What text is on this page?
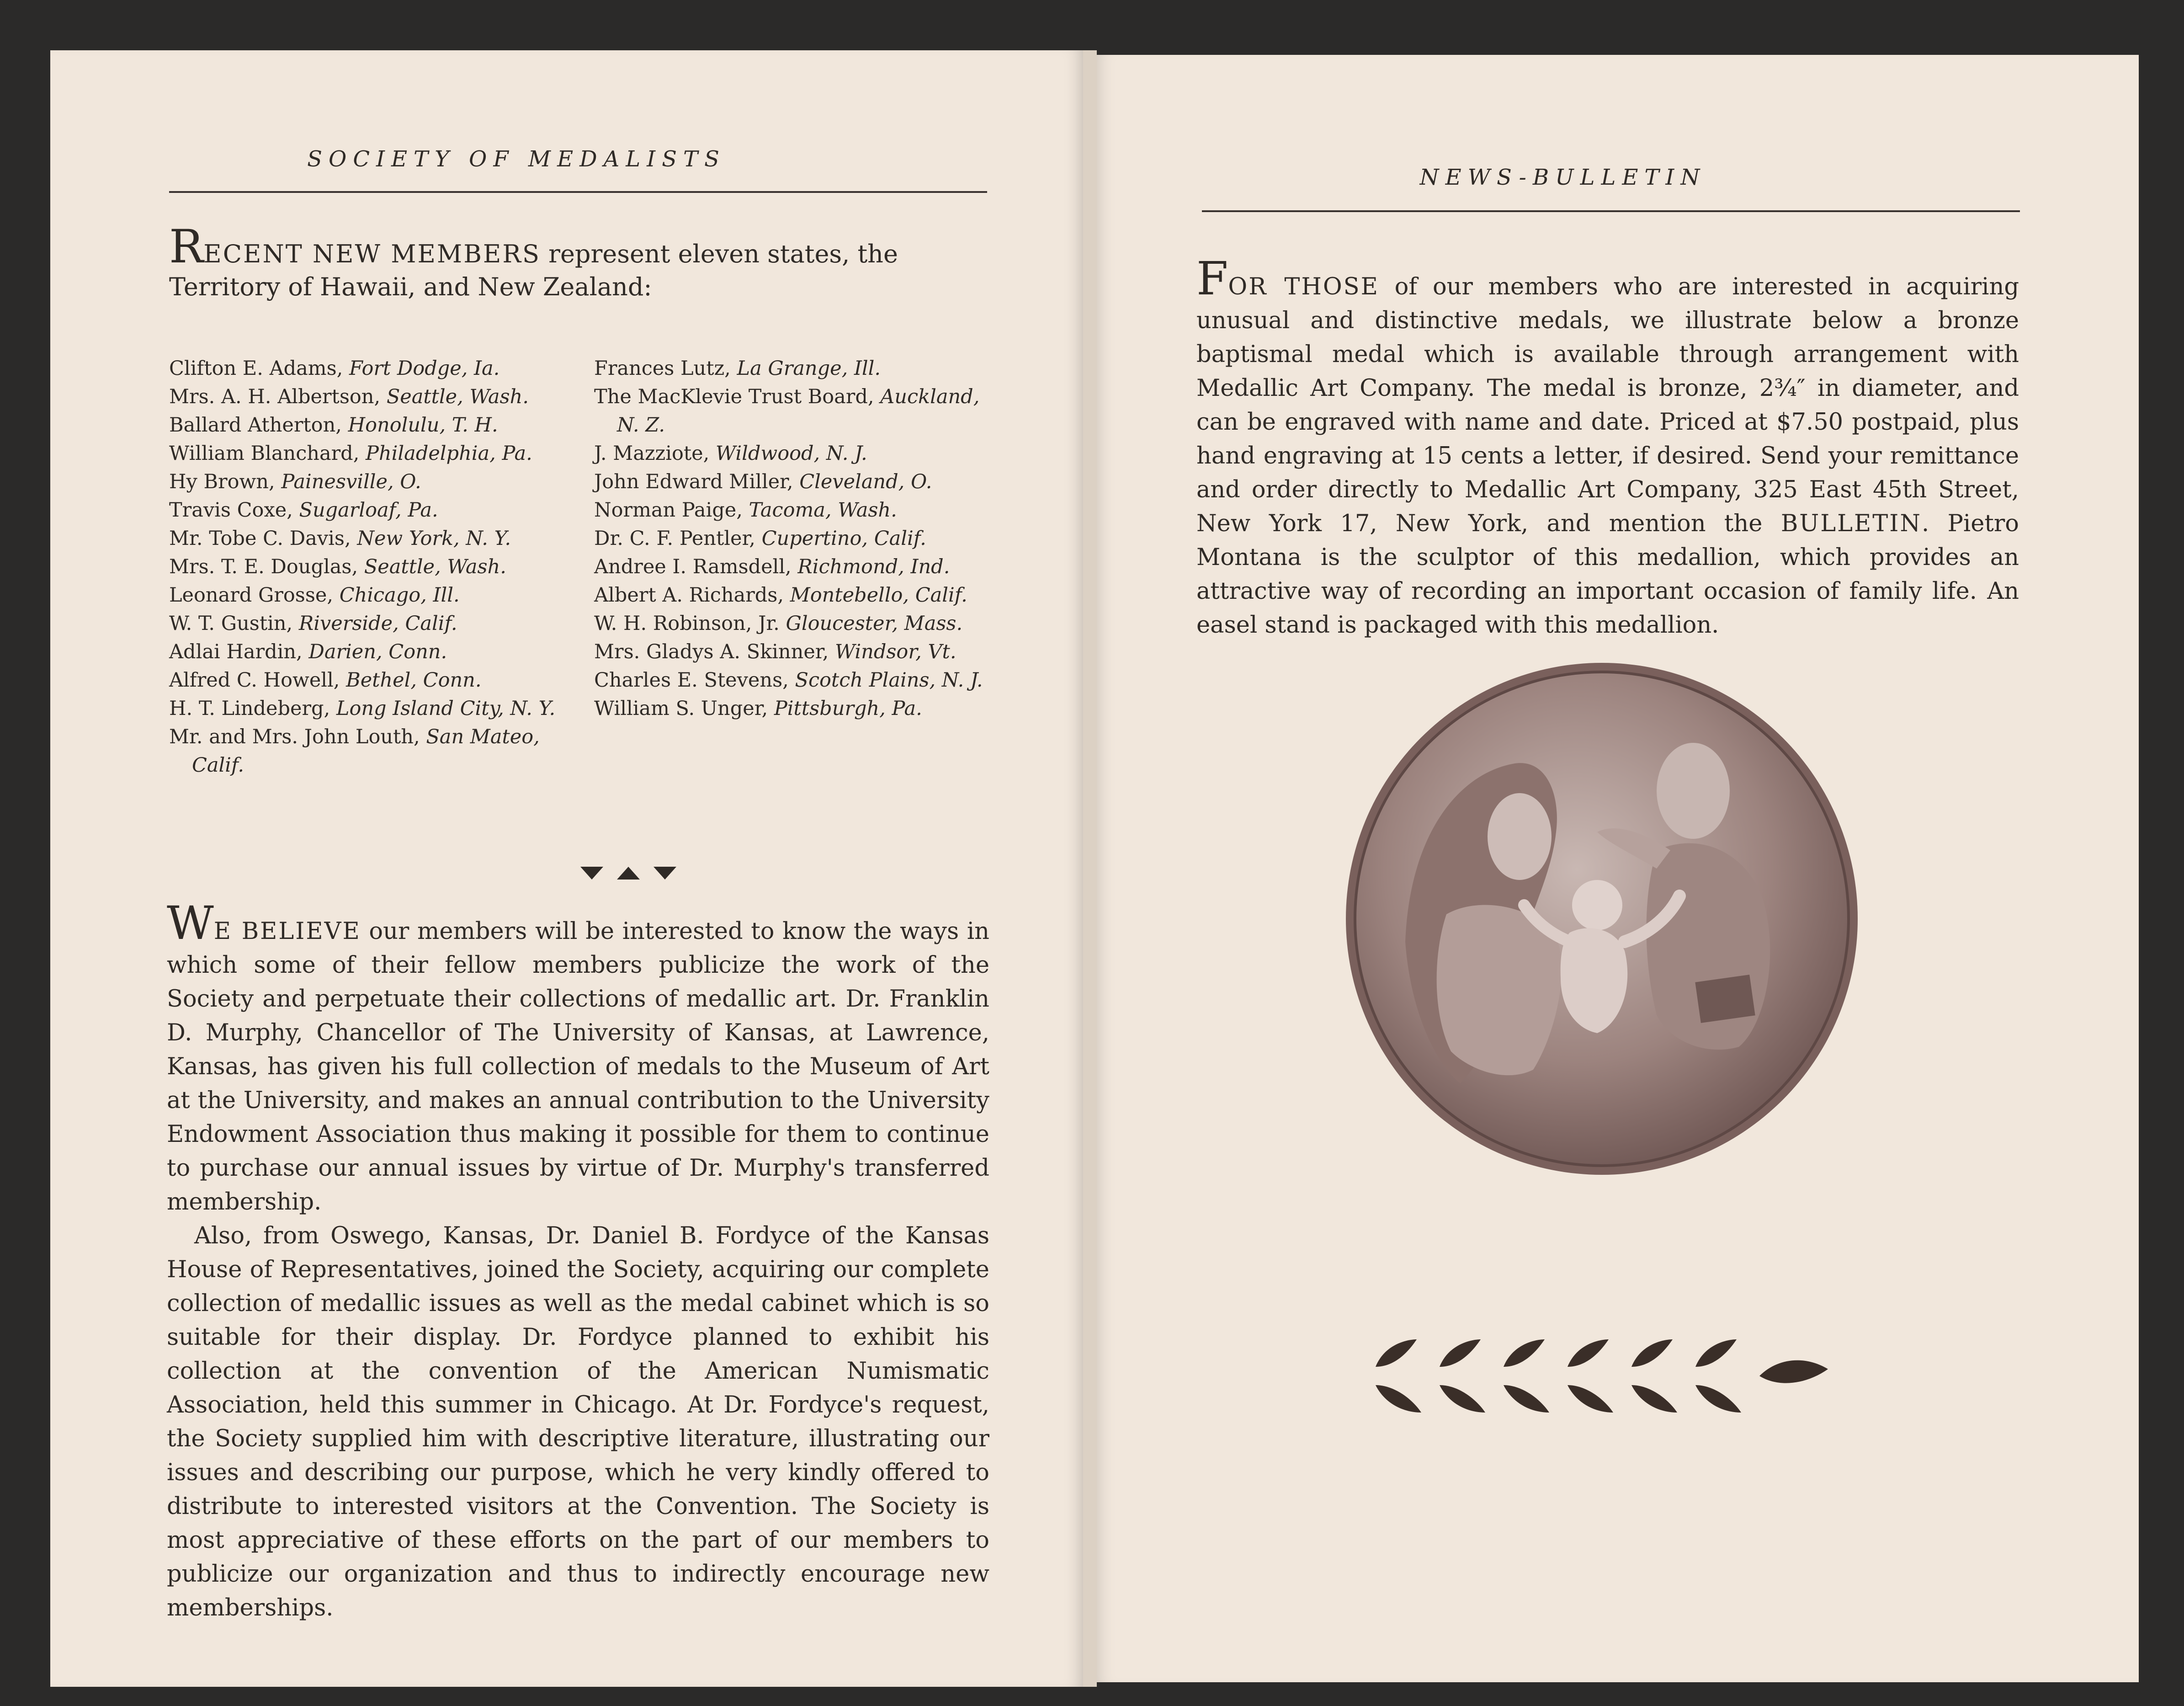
SOCIETY OF MEDALISTS
RECENT NEW MEMBERS represent eleven states, the Territory of Hawaii, and New Zealand:
Clifton E. Adams, Fort Dodge, Ia.
Mrs. A. H. Albertson, Seattle, Wash.
Ballard Atherton, Honolulu, T. H.
William Blanchard, Philadelphia, Pa.
Hy Brown, Painesville, O.
Travis Coxe, Sugarloaf, Pa.
Mr. Tobe C. Davis, New York, N. Y.
Mrs. T. E. Douglas, Seattle, Wash.
Leonard Grosse, Chicago, Ill.
W. T. Gustin, Riverside, Calif.
Adlai Hardin, Darien, Conn.
Alfred C. Howell, Bethel, Conn.
H. T. Lindeberg, Long Island City, N. Y.
Mr. and Mrs. John Louth, San Mateo, Calif.
Frances Lutz, La Grange, Ill.
The MacKlevie Trust Board, Auckland, N. Z.
J. Mazziote, Wildwood, N. J.
John Edward Miller, Cleveland, O.
Norman Paige, Tacoma, Wash.
Dr. C. F. Pentler, Cupertino, Calif.
Andree I. Ramsdell, Richmond, Ind.
Albert A. Richards, Montebello, Calif.
W. H. Robinson, Jr. Gloucester, Mass.
Mrs. Gladys A. Skinner, Windsor, Vt.
Charles E. Stevens, Scotch Plains, N. J.
William S. Unger, Pittsburgh, Pa.

WE BELIEVE our members will be interested to know the ways in which some of their fellow members publicize the work of the Society and perpetuate their collections of medallic art. Dr. Franklin D. Murphy, Chancellor of The University of Kansas, at Lawrence, Kansas, has given his full collection of medals to the Museum of Art at the University, and makes an annual contribution to the University Endowment Association thus making it possible for them to continue to purchase our annual issues by virtue of Dr. Murphy's transferred membership.

Also, from Oswego, Kansas, Dr. Daniel B. Fordyce of the Kansas House of Representatives, joined the Society, acquiring our complete collection of medallic issues as well as the medal cabinet which is so suitable for their display. Dr. Fordyce planned to exhibit his collection at the convention of the American Numismatic Association, held this summer in Chicago. At Dr. Fordyce's request, the Society supplied him with descriptive literature, illustrating our issues and describing our purpose, which he very kindly offered to distribute to interested visitors at the Convention. The Society is most appreciative of these efforts on the part of our members to publicize our organization and thus to indirectly encourage new memberships.

NEWS-BULLETIN
FOR THOSE of our members who are interested in acquiring unusual and distinctive medals, we illustrate below a bronze baptismal medal which is available through arrangement with Medallic Art Company. The medal is bronze, 2¾″ in diameter, and can be engraved with name and date. Priced at $7.50 postpaid, plus hand engraving at 15 cents a letter, if desired. Send your remittance and order directly to Medallic Art Company, 325 East 45th Street, New York 17, New York, and mention the BULLETIN. Pietro Montana is the sculptor of this medallion, which provides an attractive way of recording an important occasion of family life. An easel stand is packaged with this medallion.
